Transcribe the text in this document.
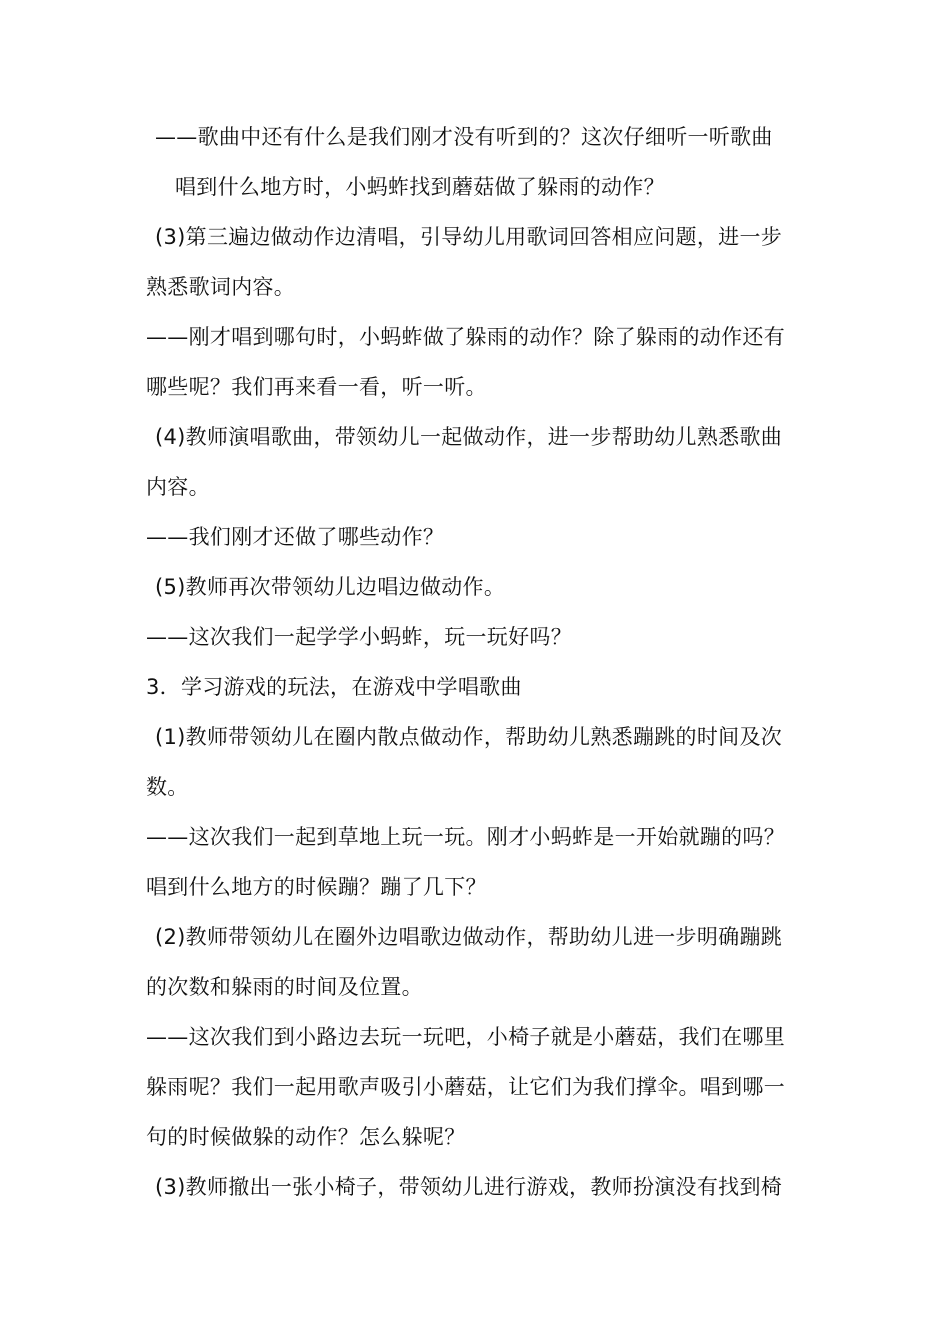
——歌曲中还有什么是我们刚才没有听到的？这次仔细听一听歌曲
唱到什么地方时，小蚂蚱找到蘑菇做了躲雨的动作？
(3)第三遍边做动作边清唱，引导幼儿用歌词回答相应问题，进一步
熟悉歌词内容。
——刚才唱到哪句时，小蚂蚱做了躲雨的动作？除了躲雨的动作还有
哪些呢？我们再来看一看，听一听。
(4)教师演唱歌曲，带领幼儿一起做动作，进一步帮助幼儿熟悉歌曲
内容。
——我们刚才还做了哪些动作？
(5)教师再次带领幼儿边唱边做动作。
——这次我们一起学学小蚂蚱，玩一玩好吗？
3．学习游戏的玩法，在游戏中学唱歌曲
(1)教师带领幼儿在圈内散点做动作，帮助幼儿熟悉蹦跳的时间及次
数。
——这次我们一起到草地上玩一玩。刚才小蚂蚱是一开始就蹦的吗？
唱到什么地方的时候蹦？蹦了几下？
(2)教师带领幼儿在圈外边唱歌边做动作，帮助幼儿进一步明确蹦跳
的次数和躲雨的时间及位置。
——这次我们到小路边去玩一玩吧，小椅子就是小蘑菇，我们在哪里
躲雨呢？我们一起用歌声吸引小蘑菇，让它们为我们撑伞。唱到哪一
句的时候做躲的动作？怎么躲呢？
(3)教师撤出一张小椅子，带领幼儿进行游戏，教师扮演没有找到椅
